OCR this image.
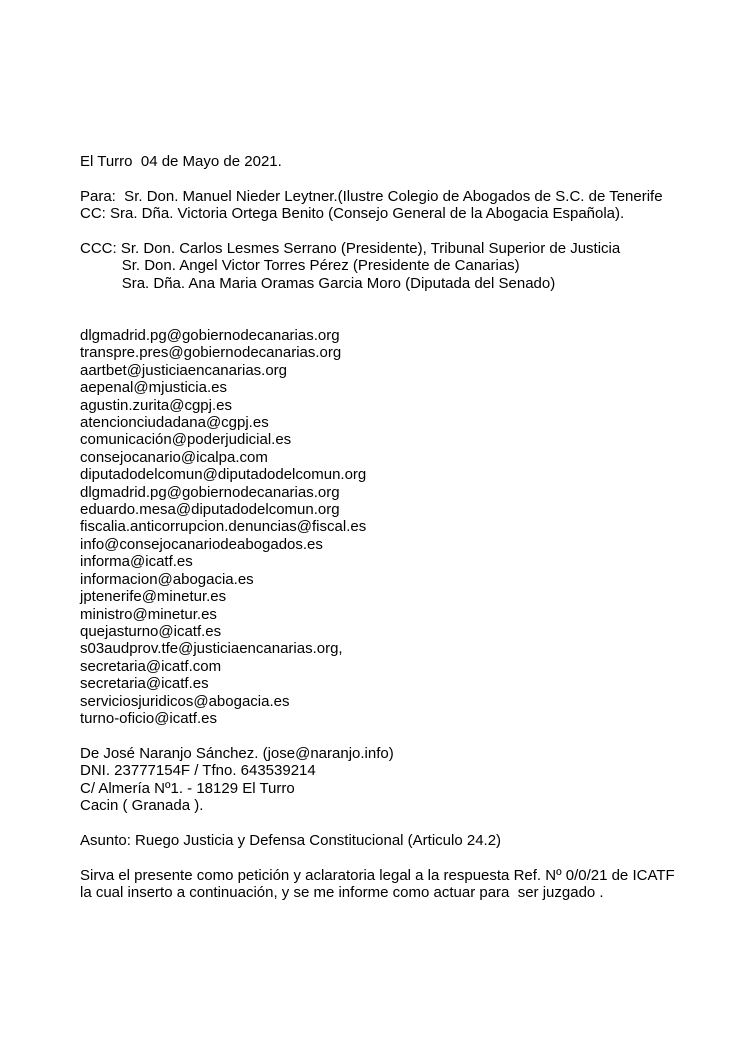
El Turro  04 de Mayo de 2021.
Para:  Sr. Don. Manuel Nieder Leytner.(Ilustre Colegio de Abogados de S.C. de Tenerife
CC: Sra. Dña. Victoria Ortega Benito (Consejo General de la Abogacia Española).
CCC: Sr. Don. Carlos Lesmes Serrano (Presidente), Tribunal Superior de Justicia
Sr. Don. Angel Victor Torres Pérez (Presidente de Canarias)
Sra. Dña. Ana Maria Oramas Garcia Moro (Diputada del Senado)
dlgmadrid.pg@gobiernodecanarias.org
transpre.pres@gobiernodecanarias.org
aartbet@justiciaencanarias.org
aepenal@mjusticia.es
agustin.zurita@cgpj.es
atencionciudadana@cgpj.es
comunicación@poderjudicial.es
consejocanario@icalpa.com
diputadodelcomun@diputadodelcomun.org
dlgmadrid.pg@gobiernodecanarias.org
eduardo.mesa@diputadodelcomun.org
fiscalia.anticorrupcion.denuncias@fiscal.es
info@consejocanariodeabogados.es
informa@icatf.es
informacion@abogacia.es
jptenerife@minetur.es
ministro@minetur.es
quejasturno@icatf.es
s03audprov.tfe@justiciaencanarias.org,
secretaria@icatf.com
secretaria@icatf.es
serviciosjuridicos@abogacia.es
turno-oficio@icatf.es
De José Naranjo Sánchez. (jose@naranjo.info)
DNI. 23777154F / Tfno. 643539214
C/ Almería Nº1. - 18129 El Turro
Cacin ( Granada ).
Asunto: Ruego Justicia y Defensa Constitucional (Articulo 24.2)
Sirva el presente como petición y aclaratoria legal a la respuesta Ref. Nº 0/0/21 de ICATF
la cual inserto a continuación, y se me informe como actuar para  ser juzgado .
